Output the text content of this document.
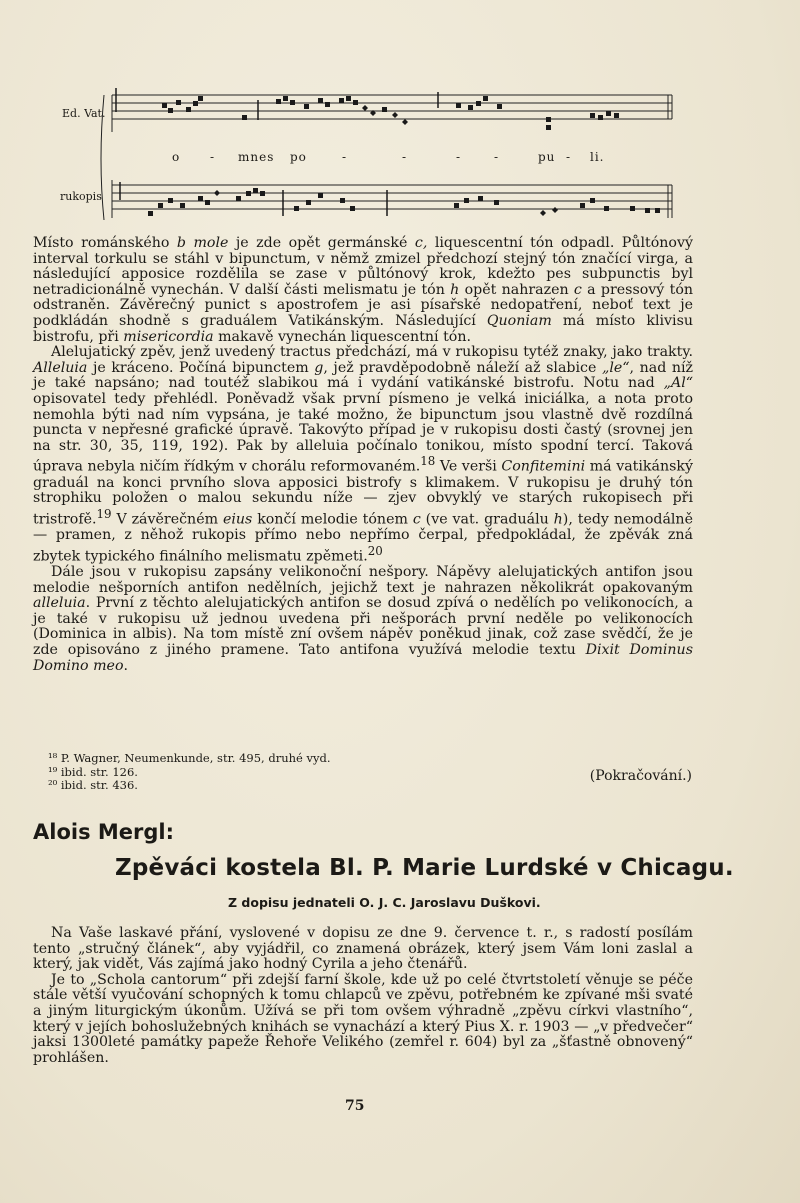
Ed. Vat.
rukopis
o - mnes po	-	-	-	-	pu - li.

Místo románského b mole je zde opět germánské c, liquescentní tón odpadl. Půltónový interval torkulu se stáhl v bipunctum, v němž zmizel předchozí stejný tón značící virga, a následující apposice rozdělila se zase v půltónový krok, kdežto pes subpunctis byl netradicionálně vynechán. V další části melismatu je tón h opět nahrazen c a pressový tón odstraněn. Závěrečný punict s apostrofem je asi písařské nedopatření, neboť text je podkládán shodně s graduálem Vatikánským. Následující Quoniam má místo klivisu bistrofu, při misericordia makavě vynechán liquescentní tón.

Alelujatický zpěv, jenž uvedený tractus předchází, má v rukopisu tytéž znaky, jako trakty. Alleluia je kráceno. Počíná bipunctem g, jež pravděpodobně náleží až slabice „le“, nad níž je také napsáno; nad toutéž slabikou má i vydání vatikánské bistrofu. Notu nad „Al“ opisovatel tedy přehlédl. Poněvadž však první písmeno je velká iniciálka, a nota proto nemohla býti nad ním vypsána, je také možno, že bipunctum jsou vlastně dvě rozdílná puncta v nepřesné grafické úpravě. Takovýto případ je v rukopisu dosti častý (srovnej jen na str. 30, 35, 119, 192). Pak by alleluia počínalo tonikou, místo spodní tercí. Taková úprava nebyla ničím řídkým v chorálu reformovaném.$^{18}$ Ve verši Confitemini má vatikánský graduál na konci prvního slova apposici bistrofy s klimakem. V rukopisu je druhý tón strophiku položen o malou sekundu níže — zjev obvyklý ve starých rukopisech při tristrofě.$^{19}$ V závěrečném eius končí melodie tónem c (ve vat. graduálu h), tedy nemodálně — pramen, z něhož rukopis přímo nebo nepřímo čerpal, předpokládal, že zpěvák zná zbytek typického finálního melismatu zpěmeti.$^{20}$

Dále jsou v rukopisu zapsány velikonoční nešpory. Nápěvy alelujatických antifon jsou melodie nešporních antifon nedělních, jejichž text je nahrazen několikrát opakovaným alleluia. První z těchto alelujatických antifon se dosud zpívá o nedělích po velikonocích, a je také v rukopisu už jednou uvedena při nešporách první neděle po velikonocích (Dominica in albis). Na tom místě zní ovšem nápěv poněkud jinak, což zase svědčí, že je zde opisováno z jiného pramene. Tato antifona využívá melodie textu Dixit Dominus Domino meo.

¹⁸ P. Wagner, Neumenkunde, str. 495, druhé vyd.
¹⁹ ibid. str. 126.
²⁰ ibid. str. 436.
(Pokračování.)
Alois Mergl:
Zpěváci kostela Bl. P. Marie Lurdské v Chicagu.
Z dopisu jednateli O. J. C. Jaroslavu Duškovi.

Na Vaše laskavé přání, vyslovené v dopisu ze dne 9. července t. r., s radostí posílám tento „stručný článek“, aby vyjádřil, co znamená obrázek, který jsem Vám loni zaslal a který, jak vidět, Vás zajímá jako hodný Cyrila a jeho čtenářů.

Je to „Schola cantorum“ při zdejší farní škole, kde už po celé čtvrtstoletí věnuje se péče stále větší vyučování schopných k tomu chlapců ve zpěvu, potřebném ke zpívané mši svaté a jiným liturgickým úkonům. Užívá se při tom ovšem výhradně „zpěvu církvi vlastního“, který v jejích bohoslužebných knihách se vynachází a který Pius X. r. 1903 — „v předvečer“ jaksi 1300leté památky papeže Řehoře Velikého (zemřel r. 604) byl za „šťastně obnovený“ prohlášen.

75
